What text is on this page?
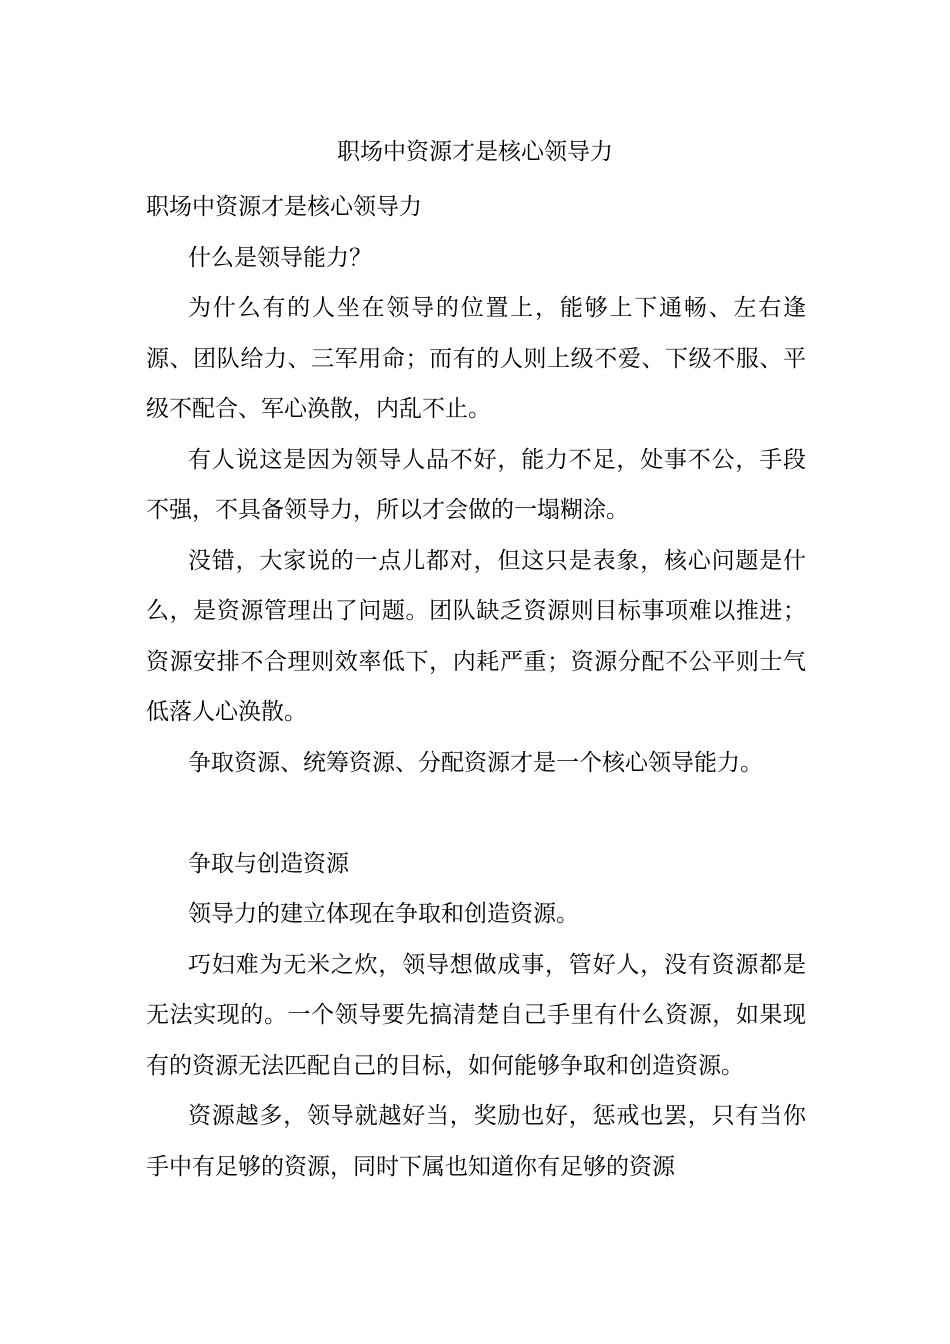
职场中资源才是核心领导力

职场中资源才是核心领导力

什么是领导能力？

为什么有的人坐在领导的位置上，能够上下通畅、左右逢源、团队给力、三军用命；而有的人则上级不爱、下级不服、平级不配合、军心涣散，内乱不止。

有人说这是因为领导人品不好，能力不足，处事不公，手段不强，不具备领导力，所以才会做的一塌糊涂。

没错，大家说的一点儿都对，但这只是表象，核心问题是什么，是资源管理出了问题。团队缺乏资源则目标事项难以推进；资源安排不合理则效率低下，内耗严重；资源分配不公平则士气低落人心涣散。

争取资源、统筹资源、分配资源才是一个核心领导能力。

争取与创造资源

领导力的建立体现在争取和创造资源。

巧妇难为无米之炊，领导想做成事，管好人，没有资源都是无法实现的。一个领导要先搞清楚自己手里有什么资源，如果现有的资源无法匹配自己的目标，如何能够争取和创造资源。

资源越多，领导就越好当，奖励也好，惩戒也罢，只有当你手中有足够的资源，同时下属也知道你有足够的资源
